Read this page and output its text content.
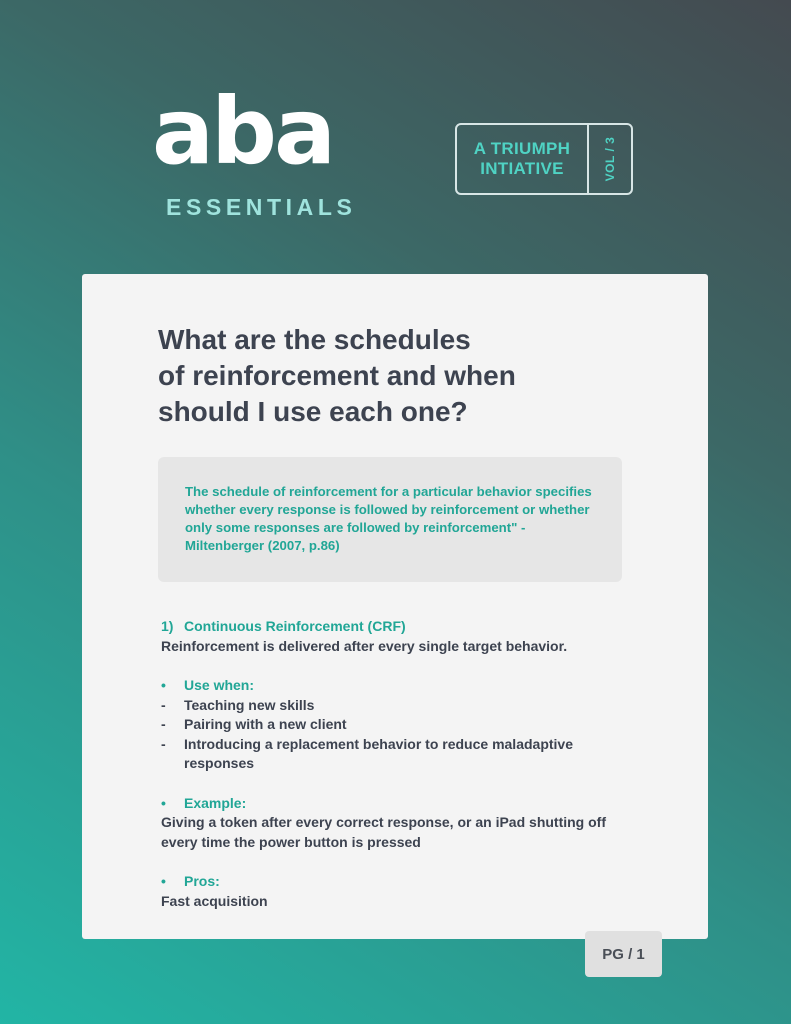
aba
ESSENTIALS
A TRIUMPH
INTIATIVE	VOL / 3
What are the schedules
of reinforcement and when
should I use each one?
The schedule of reinforcement for a particular behavior specifies whether every response is followed by reinforcement or whether only some responses are followed by reinforcement" - Miltenberger (2007, p.86)
1) Continuous Reinforcement (CRF)
Reinforcement is delivered after every single target behavior.
•	Use when:
-	Teaching new skills
-	Pairing with a new client
-	Introducing a replacement behavior to reduce maladaptive responses
•	Example:
Giving a token after every correct response, or an iPad shutting off every time the power button is pressed
•	Pros:
Fast acquisition
PG / 1
